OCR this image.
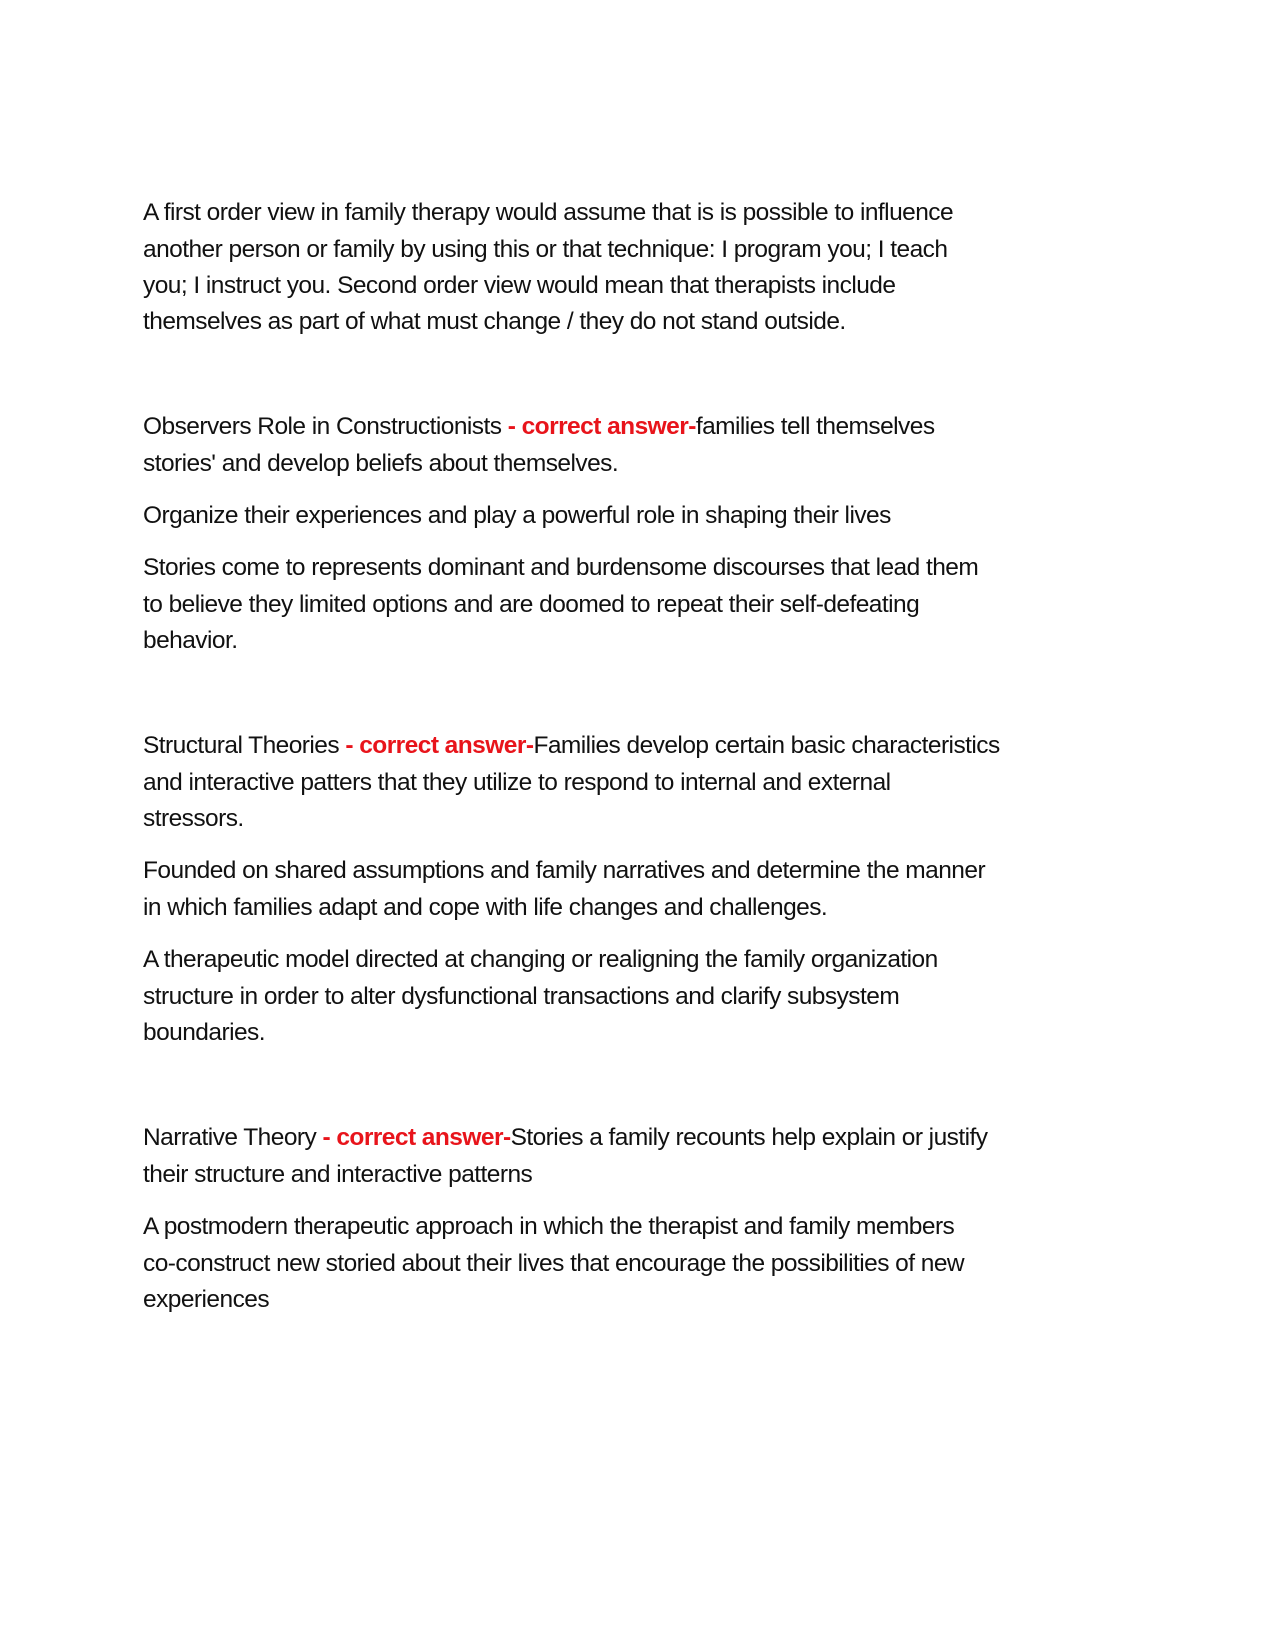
A first order view in family therapy would assume that is is possible to influence
another person or family by using this or that technique: I program you; I teach
you; I instruct you. Second order view would mean that therapists include
themselves as part of what must change / they do not stand outside.
Observers Role in Constructionists - correct answer-families tell themselves
stories' and develop beliefs about themselves.
Organize their experiences and play a powerful role in shaping their lives
Stories come to represents dominant and burdensome discourses that lead them
to believe they limited options and are doomed to repeat their self-defeating
behavior.
Structural Theories - correct answer-Families develop certain basic characteristics
and interactive patters that they utilize to respond to internal and external
stressors.
Founded on shared assumptions and family narratives and determine the manner
in which families adapt and cope with life changes and challenges.
A therapeutic model directed at changing or realigning the family organization
structure in order to alter dysfunctional transactions and clarify subsystem
boundaries.
Narrative Theory - correct answer-Stories a family recounts help explain or justify
their structure and interactive patterns
A postmodern therapeutic approach in which the therapist and family members
co-construct new storied about their lives that encourage the possibilities of new
experiences
